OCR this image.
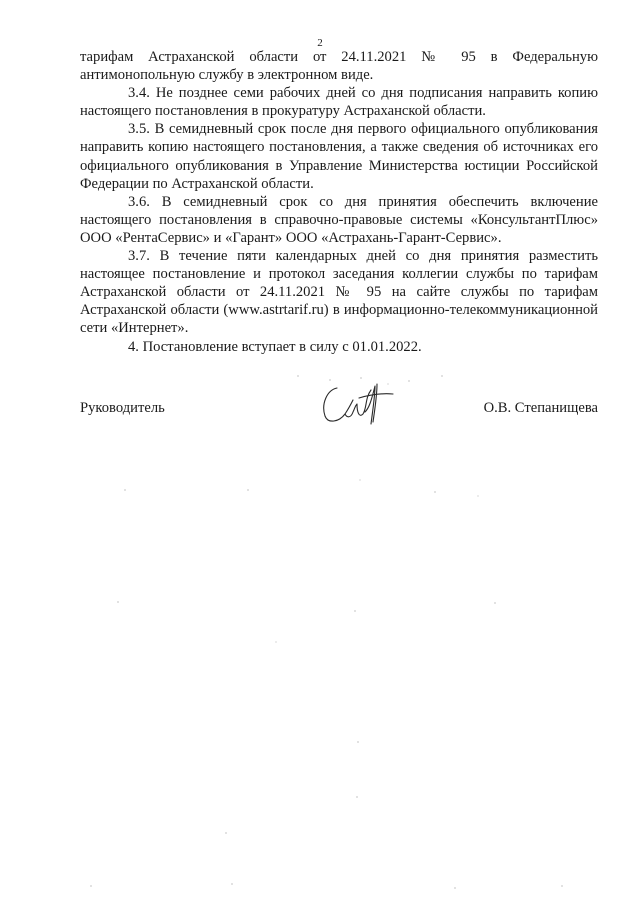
2

тарифам Астраханской области от 24.11.2021 № 95 в Федеральную антимонопольную службу в электронном виде.

3.4. Не позднее семи рабочих дней со дня подписания направить копию настоящего постановления в прокуратуру Астраханской области.

3.5. В семидневный срок после дня первого официального опубликования направить копию настоящего постановления, а также сведения об источниках его официального опубликования в Управление Министерства юстиции Российской Федерации по Астраханской области.

3.6. В семидневный срок со дня принятия обеспечить включение настоящего постановления в справочно-правовые системы «КонсультантПлюс» ООО «РентаСервис» и «Гарант» ООО «Астрахань-Гарант-Сервис».

3.7. В течение пяти календарных дней со дня принятия разместить настоящее постановление и протокол заседания коллегии службы по тарифам Астраханской области от 24.11.2021 № 95 на сайте службы по тарифам Астраханской области (www.astrtarif.ru) в информационно-телекоммуникационной сети «Интернет».

4. Постановление вступает в силу с 01.01.2022.

Руководитель	О.В. Степанищева
